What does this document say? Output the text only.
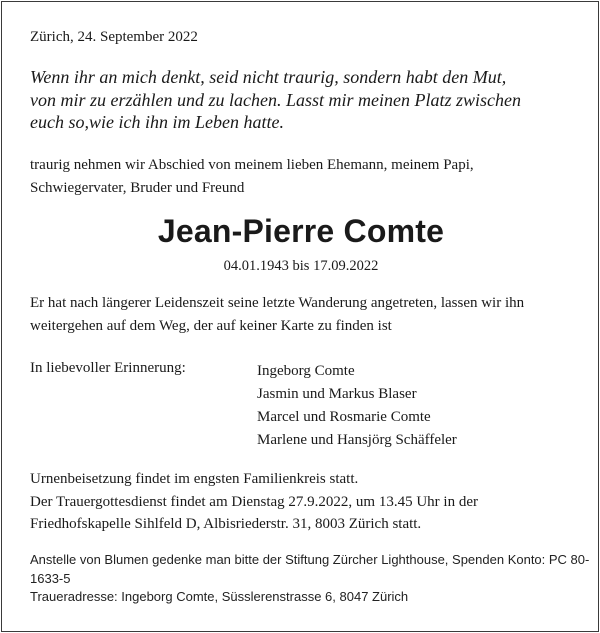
Zürich, 24. September 2022

Wenn ihr an mich denkt, seid nicht traurig, sondern habt den Mut,
von mir zu erzählen und zu lachen. Lasst mir meinen Platz zwischen
euch so,wie ich ihn im Leben hatte.
traurig nehmen wir Abschied von meinem lieben Ehemann, meinem Papi,
Schwiegervater, Bruder und Freund
Jean-Pierre Comte

04.01.1943 bis 17.09.2022

Er hat nach längerer Leidenszeit seine letzte Wanderung angetreten, lassen wir ihn
weitergehen auf dem Weg, der auf keiner Karte zu finden ist

In liebevoller Erinnerung:	Ingeborg Comte
Jasmin und Markus Blaser
Marcel und Rosmarie Comte
Marlene und Hansjörg Schäffeler
Urnenbeisetzung findet im engsten Familienkreis statt.
Der Trauergottesdienst findet am Dienstag 27.9.2022, um 13.45 Uhr in der
Friedhofskapelle Sihlfeld D, Albisriederstr. 31, 8003 Zürich statt.
Anstelle von Blumen gedenke man bitte der Stiftung Zürcher Lighthouse, Spenden Konto: PC 80-
1633-5
Traueradresse: Ingeborg Comte, Süsslerenstrasse 6, 8047 Zürich
